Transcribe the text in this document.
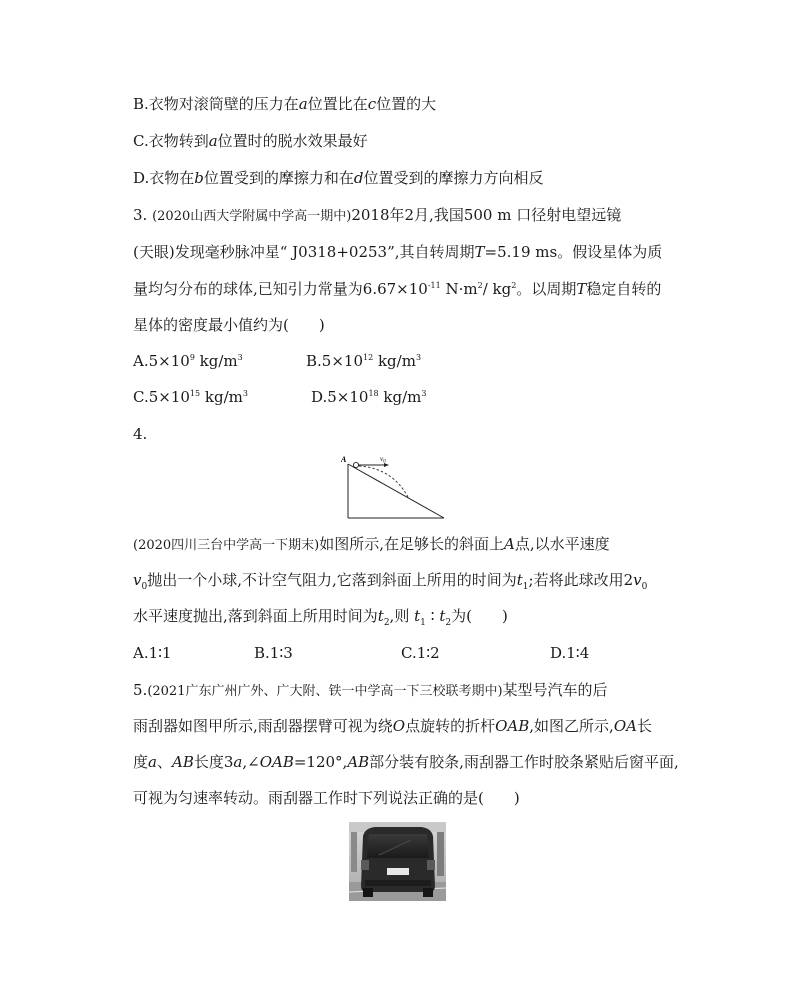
B.衣物对滚筒壁的压力在a位置比在c位置的大
C.衣物转到a位置时的脱水效果最好
D.衣物在b位置受到的摩擦力和在d位置受到的摩擦力方向相反
3. (2020山西大学附属中学高一期中)2018年2月,我国500 m 口径射电望远镜
(天眼)发现毫秒脉冲星“ J0318+0253”,其自转周期T=5.19 ms。假设星体为质
量均匀分布的球体,已知引力常量为$6.67\times 10^{-11}$ $N\cdot m^2/$ $kg^2$。以周期T稳定自转的
星体的密度最小值约为(　　)
$A.5\times 10^9$ $kg/m^3$	$B.5\times 10^{12}$ $kg/m^3$
$C.5\times 10^{15}$ $kg/m^3$	$D.5\times 10^{18}$ $kg/m^3$
4.
A	$v_0$
(2020四川三台中学高一下期末)如图所示,在足够长的斜面上A点,以水平速度
$v_0$抛出一个小球,不计空气阻力,它落到斜面上所用的时间为$t_1$;若将此球改用$2v_0$
水平速度抛出,落到斜面上所用时间为$t_2$,则 $t_1$ ∶ $t_2$为(　　)
A.1∶1	B.1∶3	C.1∶2	D.1∶4
5.(2021广东广州广外、广大附、铁一中学高一下三校联考期中)某型号汽车的后
雨刮器如图甲所示,雨刮器摆臂可视为绕O点旋转的折杆OAB,如图乙所示,OA长
度a、AB长度3a,∠OAB=120°,AB部分装有胶条,雨刮器工作时胶条紧贴后窗平面,
可视为匀速率转动。雨刮器工作时下列说法正确的是(　　)
